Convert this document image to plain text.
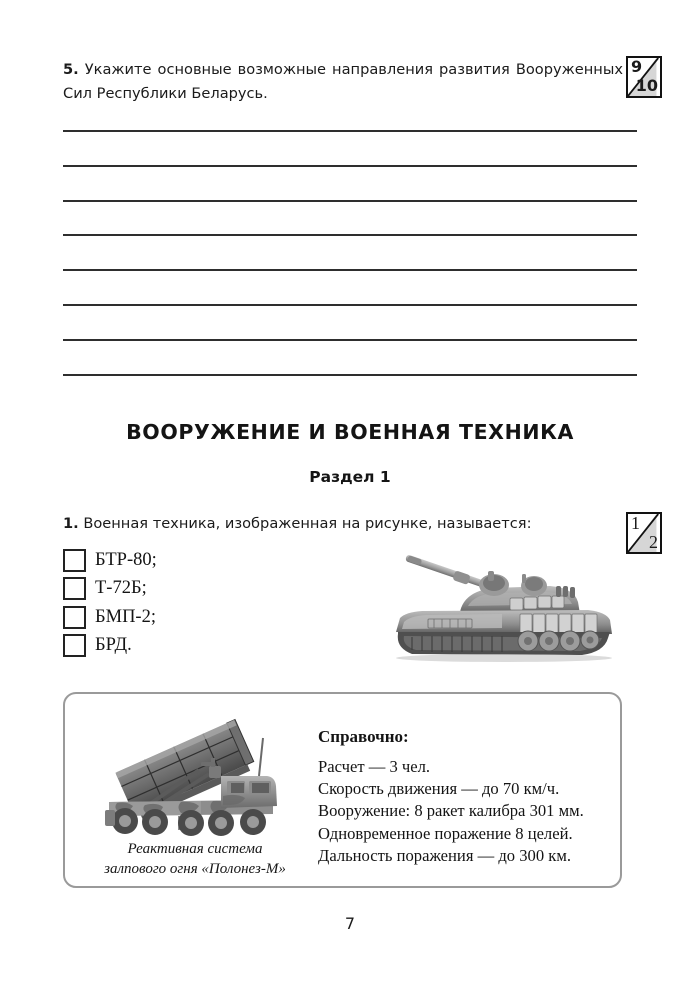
5. Укажите основные возможные направления развития Вооруженных Сил Республики Беларусь.
9
10
ВООРУЖЕНИЕ И ВОЕННАЯ ТЕХНИКА
Раздел 1
1. Военная техника, изображенная на рисунке, называется:	1
2
БТР-80;
Т-72Б;
БМП-2;
БРД.
Реактивная система
залпового огня «Полонез-М»
Справочно:
Расчет — 3 чел.
Скорость движения — до 70 км/ч.
Вооружение: 8 ракет калибра 301 мм.
Одновременное поражение 8 целей.
Дальность поражения — до 300 км.
7
